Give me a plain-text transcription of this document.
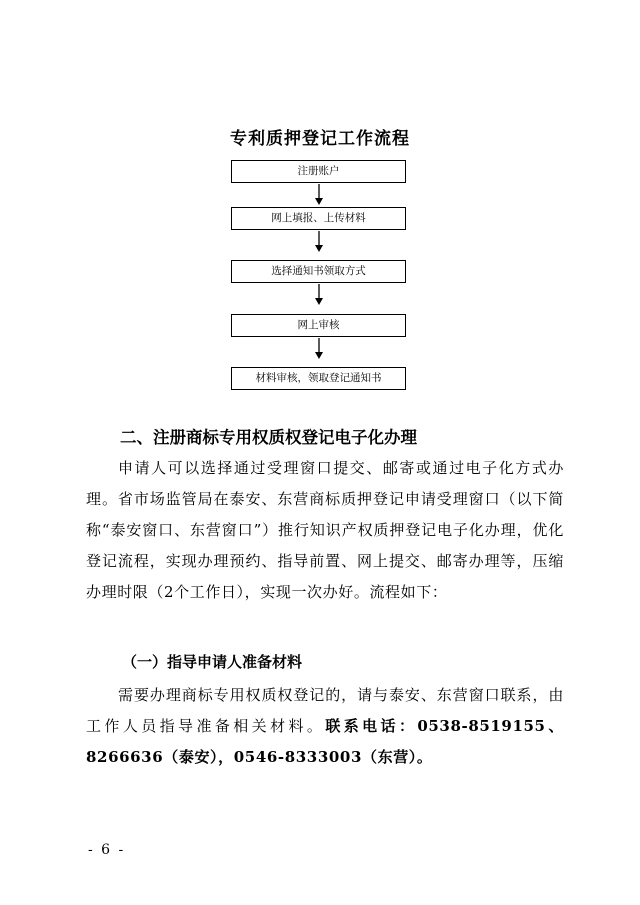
专利质押登记工作流程
注册账户
网上填报、上传材料
选择通知书领取方式
网上审核
材料审核，领取登记通知书
二、注册商标专用权质权登记电子化办理
申请人可以选择通过受理窗口提交、邮寄或通过电子化方式办理。省市场监管局在泰安、东营商标质押登记申请受理窗口（以下简称“泰安窗口、东营窗口”）推行知识产权质押登记电子化办理，优化登记流程，实现办理预约、指导前置、网上提交、邮寄办理等，压缩办理时限（2个工作日），实现一次办好。流程如下：
（一）指导申请人准备材料
需要办理商标专用权质权登记的，请与泰安、东营窗口联系，由工作人员指导准备相关材料。联系电话：0538-8519155、8266636（泰安），0546-8333003（东营）。
- 6 -
